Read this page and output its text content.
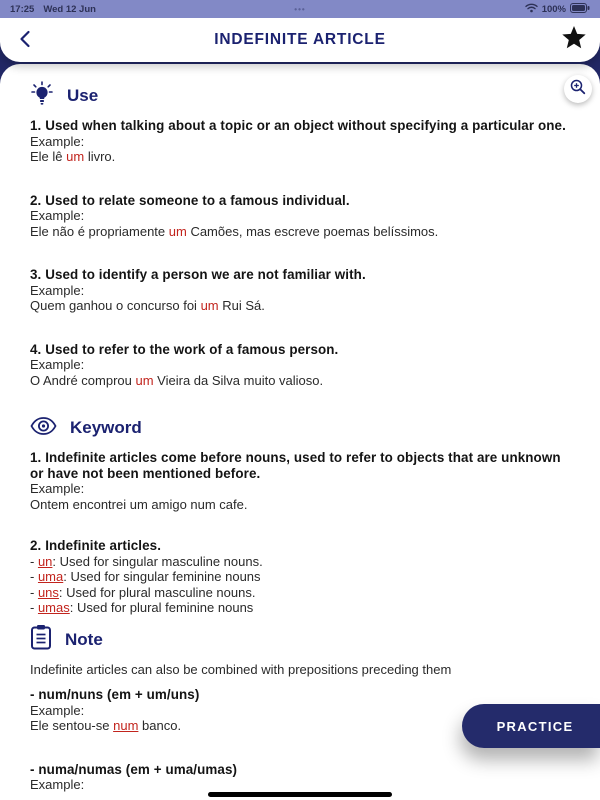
17:25 Wed 12 Jun	•••	100%
INDEFINITE ARTICLE
Use
1. Used when talking about a topic or an object without specifying a particular one.
Example:
Ele lê um livro.
2. Used to relate someone to a famous individual.
Example:
Ele não é propriamente um Camões, mas escreve poemas belíssimos.
3. Used to identify a person we are not familiar with.
Example:
Quem ganhou o concurso foi um Rui Sá.
4. Used to refer to the work of a famous person.
Example:
O André comprou um Vieira da Silva muito valioso.
Keyword
1. Indefinite articles come before nouns, used to refer to objects that are unknown or have not been mentioned before.
Example:
Ontem encontrei um amigo num cafe.
2. Indefinite articles.
- un: Used for singular masculine nouns.
- uma: Used for singular feminine nouns
- uns: Used for plural masculine nouns.
- umas: Used for plural feminine nouns
Note
Indefinite articles can also be combined with prepositions preceding them
- num/nuns (em + um/uns)
Example:
Ele sentou-se num banco.
- numa/numas (em + uma/umas)
Example:
PRACTICE
